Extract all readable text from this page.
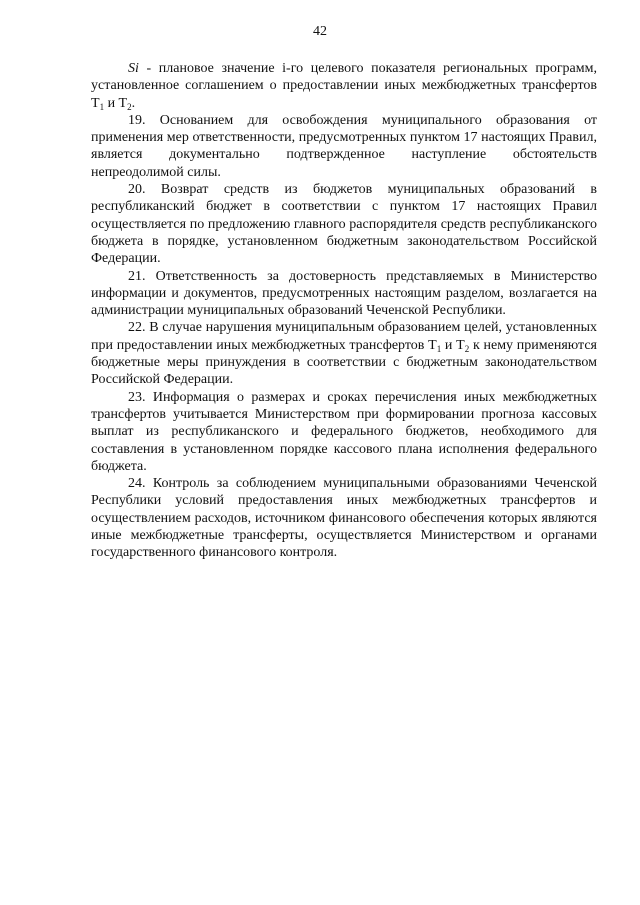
42

Si - плановое значение i-го целевого показателя региональных программ, установленное соглашением о предоставлении иных межбюджетных трансфертов $T_1$ и $T_2$.

19. Основанием для освобождения муниципального образования от применения мер ответственности, предусмотренных пунктом 17 настоящих Правил, является документально подтвержденное наступление обстоятельств непреодолимой силы.

20. Возврат средств из бюджетов муниципальных образований в республиканский бюджет в соответствии с пунктом 17 настоящих Правил осуществляется по предложению главного распорядителя средств республиканского бюджета в порядке, установленном бюджетным законодательством Российской Федерации.

21. Ответственность за достоверность представляемых в Министерство информации и документов, предусмотренных настоящим разделом, возлагается на администрации муниципальных образований Чеченской Республики.

22. В случае нарушения муниципальным образованием целей, установленных при предоставлении иных межбюджетных трансфертов $T_1$ и $T_2$ к нему применяются бюджетные меры принуждения в соответствии с бюджетным законодательством Российской Федерации.

23. Информация о размерах и сроках перечисления иных межбюджетных трансфертов учитывается Министерством при формировании прогноза кассовых выплат из республиканского и федерального бюджетов, необходимого для составления в установленном порядке кассового плана исполнения федерального бюджета.

24. Контроль за соблюдением муниципальными образованиями Чеченской Республики условий предоставления иных межбюджетных трансфертов и осуществлением расходов, источником финансового обеспечения которых являются иные межбюджетные трансферты, осуществляется Министерством и органами государственного финансового контроля.
